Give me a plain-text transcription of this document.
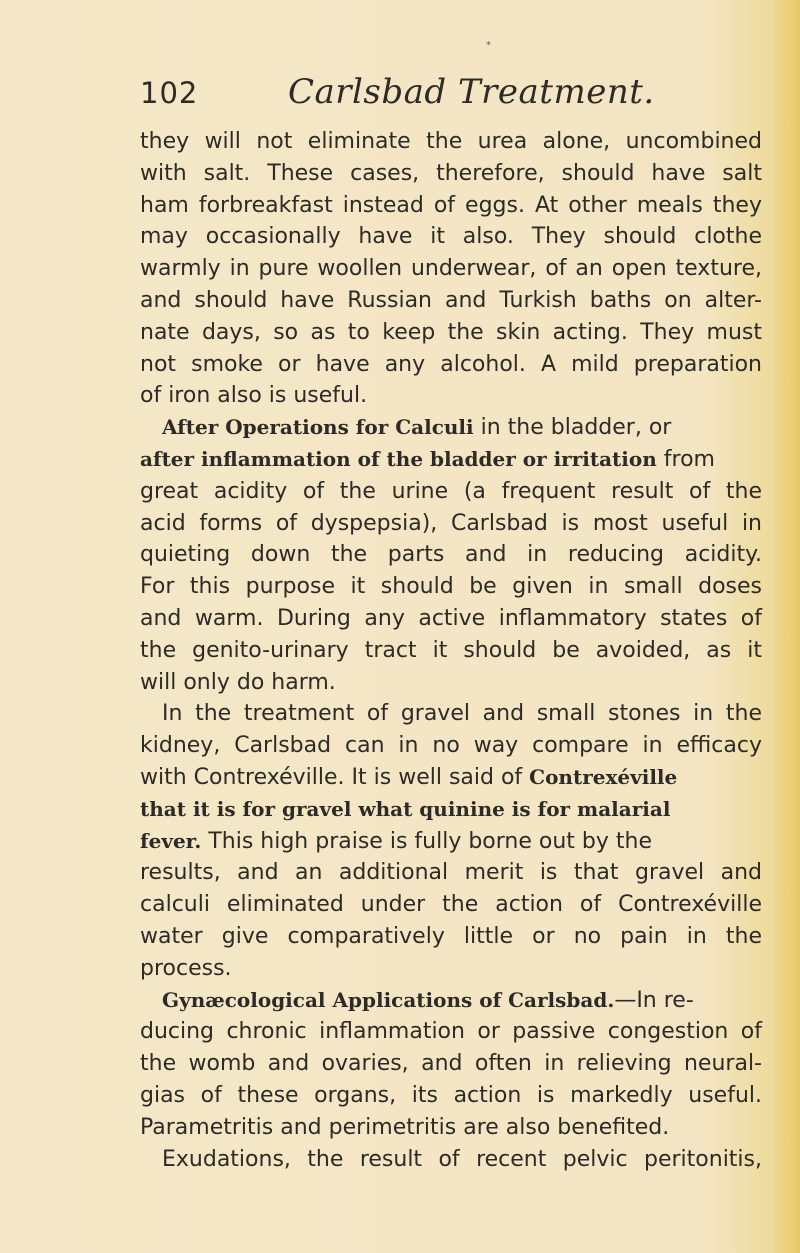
*
102	Carlsbad Treatment.
they will not eliminate the urea alone, uncombined
with salt. These cases, therefore, should have salt
ham forbreakfast instead of eggs. At other meals they
may occasionally have it also. They should clothe
warmly in pure woollen underwear, of an open texture,
and should have Russian and Turkish baths on alter-
nate days, so as to keep the skin acting. They must
not smoke or have any alcohol. A mild preparation
of iron also is useful.
After Operations for Calculi in the bladder, or
after inflammation of the bladder or irritation from
great acidity of the urine (a frequent result of the
acid forms of dyspepsia), Carlsbad is most useful in
quieting down the parts and in reducing acidity.
For this purpose it should be given in small doses
and warm. During any active inflammatory states of
the genito-urinary tract it should be avoided, as it
will only do harm.
In the treatment of gravel and small stones in the
kidney, Carlsbad can in no way compare in efficacy
with Contrexéville. It is well said of Contrexéville
that it is for gravel what quinine is for malarial
fever. This high praise is fully borne out by the
results, and an additional merit is that gravel and
calculi eliminated under the action of Contrexéville
water give comparatively little or no pain in the
process.
Gynæcological Applications of Carlsbad.—In re-
ducing chronic inflammation or passive congestion of
the womb and ovaries, and often in relieving neural-
gias of these organs, its action is markedly useful.
Parametritis and perimetritis are also benefited.
Exudations, the result of recent pelvic peritonitis,
